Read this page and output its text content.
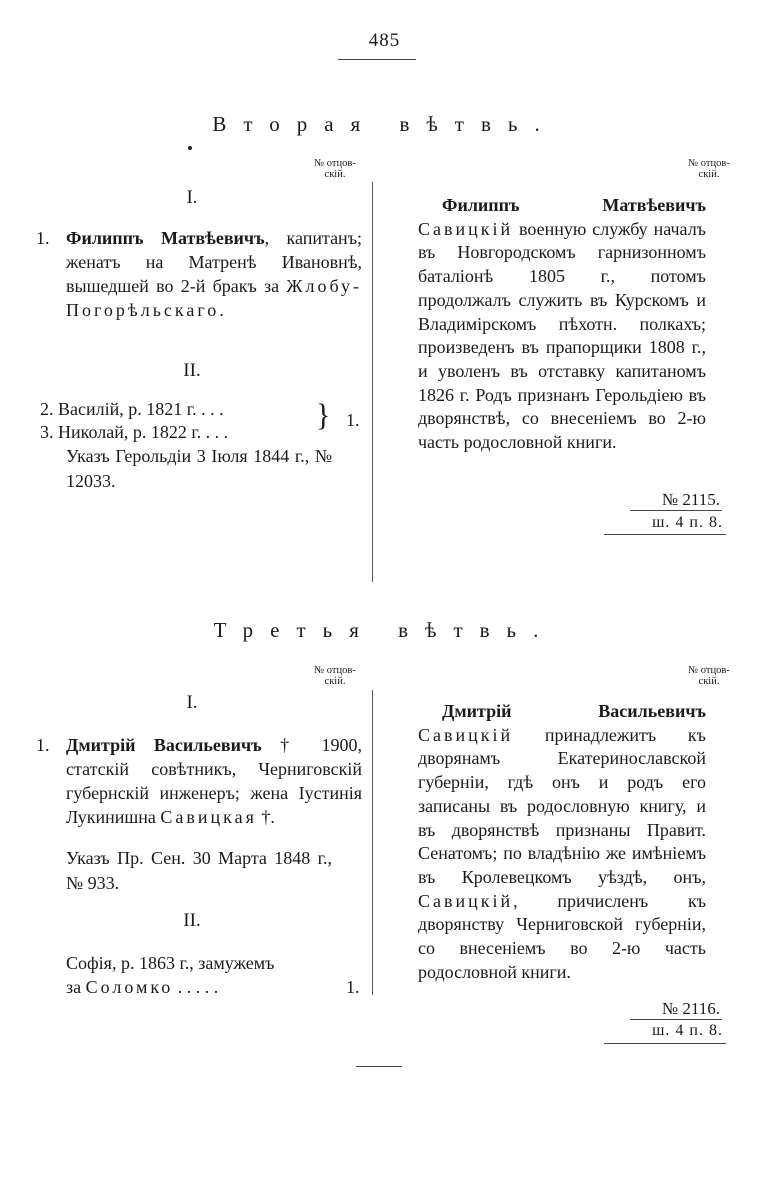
485
Вторая вѣтвь.
№ отцов-
скій.
№ отцов-
скій.
I.
1. Филиппъ Матвѣевичъ, капитанъ; женатъ на Матренѣ Ивановнѣ, вышедшей во 2-й бракъ за Жлобу-Погорѣльскаго.
II.
2. Василій, р. 1821 г. . . .
3. Николай, р. 1822 г. . . .	} 1.
Указъ Герольдіи 3 Іюля 1844 г., № 12033.
Филиппъ Матвѣевичъ Савицкій военную службу началъ въ Новгородскомъ гарнизонномъ баталіонѣ 1805 г., потомъ продолжалъ служить въ Курскомъ и Владимірскомъ пѣхотн. полкахъ; произведенъ въ прапорщики 1808 г., и уволенъ въ отставку капитаномъ 1826 г. Родъ признанъ Герольдіею въ дворянствѣ, со внесеніемъ во 2-ю часть родословной книги.
№ 2115.
ш. 4 п. 8.
Третья вѣтвь.
№ отцов-
скій.
№ отцов-
скій.
I.
1. Дмитрій Васильевичъ † 1900, статскій совѣтникъ, Черниговскій губернскій инженеръ; жена Іустинія Лукинишна Савицкая †.
Указъ Пр. Сен. 30 Марта 1848 г., № 933.
II.
Софія, р. 1863 г., замужемъ
за Соломко . . . . .	1.
Дмитрій Васильевичъ Савицкій принадлежитъ къ дворянамъ Екатеринославской губерніи, гдѣ онъ и родъ его записаны въ родословную книгу, и въ дворянствѣ признаны Правит. Сенатомъ; по владѣнію же имѣніемъ въ Кролевецкомъ уѣздѣ, онъ, Савицкій, причисленъ къ дворянству Черниговской губерніи, со внесеніемъ во 2-ю часть родословной книги.
№ 2116.
ш. 4 п. 8.
